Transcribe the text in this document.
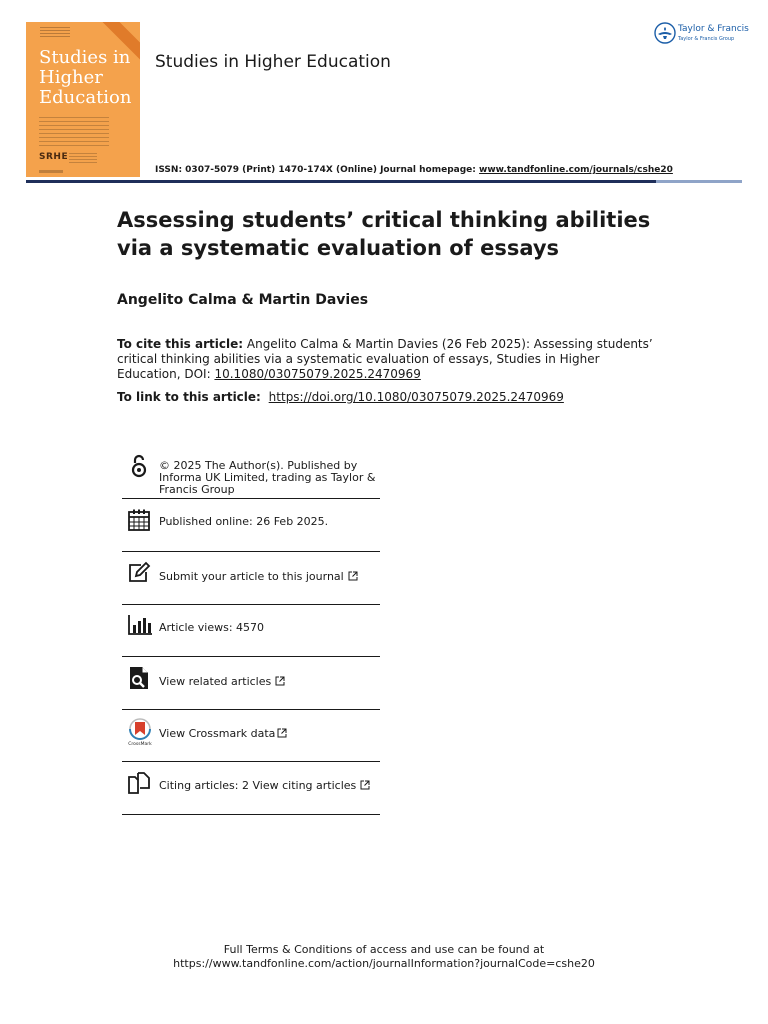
Studies in Higher Education
SRHE
Studies in Higher Education
ISSN: 0307-5079 (Print) 1470-174X (Online) Journal homepage: www.tandfonline.com/journals/cshe20
Taylor & Francis
Taylor & Francis Group
Assessing students’ critical thinking abilities via a systematic evaluation of essays
Angelito Calma & Martin Davies
To cite this article: Angelito Calma & Martin Davies (26 Feb 2025): Assessing students’ critical thinking abilities via a systematic evaluation of essays, Studies in Higher Education, DOI: 10.1080/03075079.2025.2470969
To link to this article: https://doi.org/10.1080/03075079.2025.2470969
© 2025 The Author(s). Published by Informa UK Limited, trading as Taylor & Francis Group
Published online: 26 Feb 2025.
Submit your article to this journal
Article views: 4570
View related articles
CrossMark
View Crossmark data
Citing articles: 2 View citing articles
Full Terms & Conditions of access and use can be found at
https://www.tandfonline.com/action/journalInformation?journalCode=cshe20
